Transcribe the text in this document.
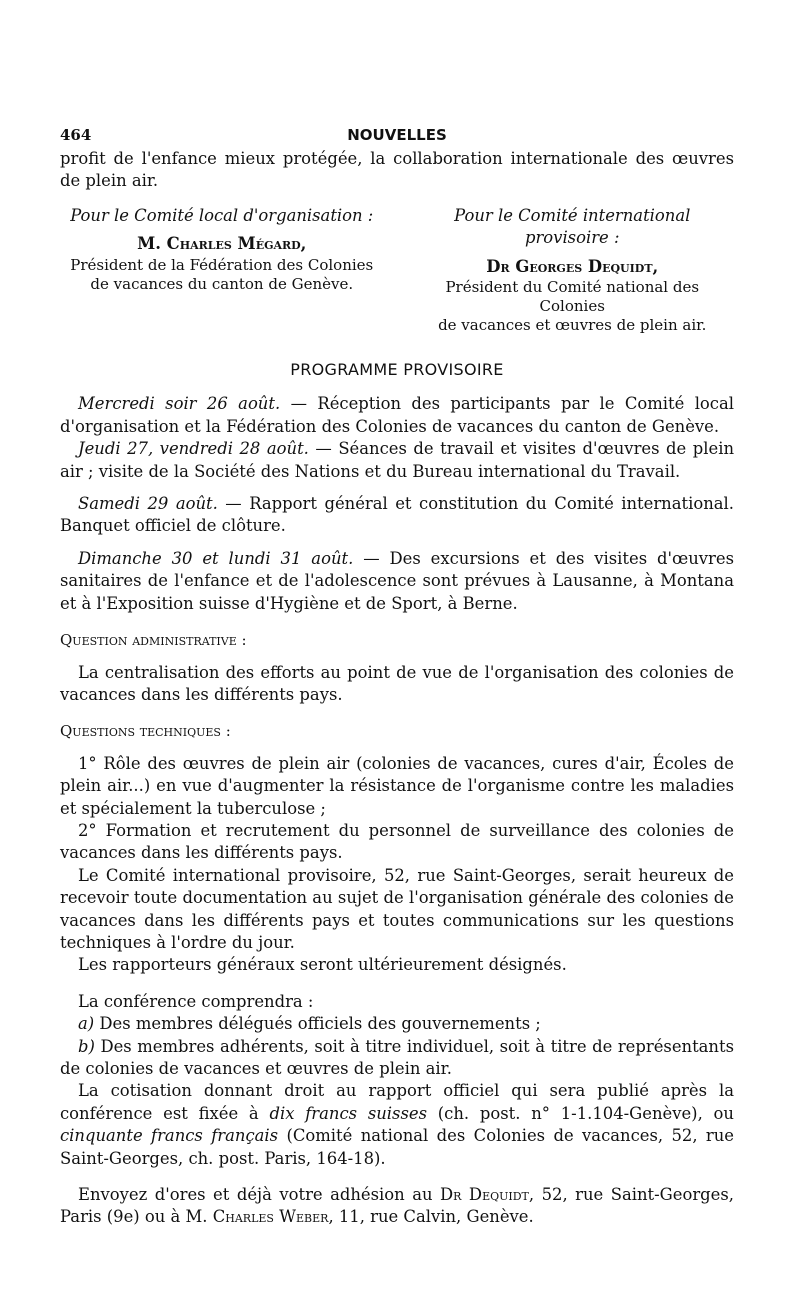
464	NOUVELLES

profit de l'enfance mieux protégée, la collaboration internationale des œuvres de plein air.

Pour le Comité local d'organisation :
M. Charles Mégard,
Président de la Fédération des Colonies
de vacances du canton de Genève.
Pour le Comité international provisoire :
Dr Georges Dequidt,
Président du Comité national des Colonies
de vacances et œuvres de plein air.
PROGRAMME PROVISOIRE

Mercredi soir 26 août. — Réception des participants par le Comité local d'organisation et la Fédération des Colonies de vacances du canton de Genève.

Jeudi 27, vendredi 28 août. — Séances de travail et visites d'œuvres de plein air ; visite de la Société des Nations et du Bureau international du Travail.

Samedi 29 août. — Rapport général et constitution du Comité international. Banquet officiel de clôture.

Dimanche 30 et lundi 31 août. — Des excursions et des visites d'œuvres sanitaires de l'enfance et de l'adolescence sont prévues à Lausanne, à Montana et à l'Exposition suisse d'Hygiène et de Sport, à Berne.

Question administrative :

La centralisation des efforts au point de vue de l'organisation des colonies de vacances dans les différents pays.

Questions techniques :

1° Rôle des œuvres de plein air (colonies de vacances, cures d'air, Écoles de plein air...) en vue d'augmenter la résistance de l'organisme contre les maladies et spécialement la tuberculose ;

2° Formation et recrutement du personnel de surveillance des colonies de vacances dans les différents pays.

Le Comité international provisoire, 52, rue Saint-Georges, serait heureux de recevoir toute documentation au sujet de l'organisation générale des colonies de vacances dans les différents pays et toutes communications sur les questions techniques à l'ordre du jour.

Les rapporteurs généraux seront ultérieurement désignés.

La conférence comprendra :

a) Des membres délégués officiels des gouvernements ;

b) Des membres adhérents, soit à titre individuel, soit à titre de représentants de colonies de vacances et œuvres de plein air.

La cotisation donnant droit au rapport officiel qui sera publié après la conférence est fixée à dix francs suisses (ch. post. n° 1-1.104-Genève), ou cinquante francs français (Comité national des Colonies de vacances, 52, rue Saint-Georges, ch. post. Paris, 164-18).

Envoyez d'ores et déjà votre adhésion au Dr Dequidt, 52, rue Saint-Georges, Paris (9e) ou à M. Charles Weber, 11, rue Calvin, Genève.
